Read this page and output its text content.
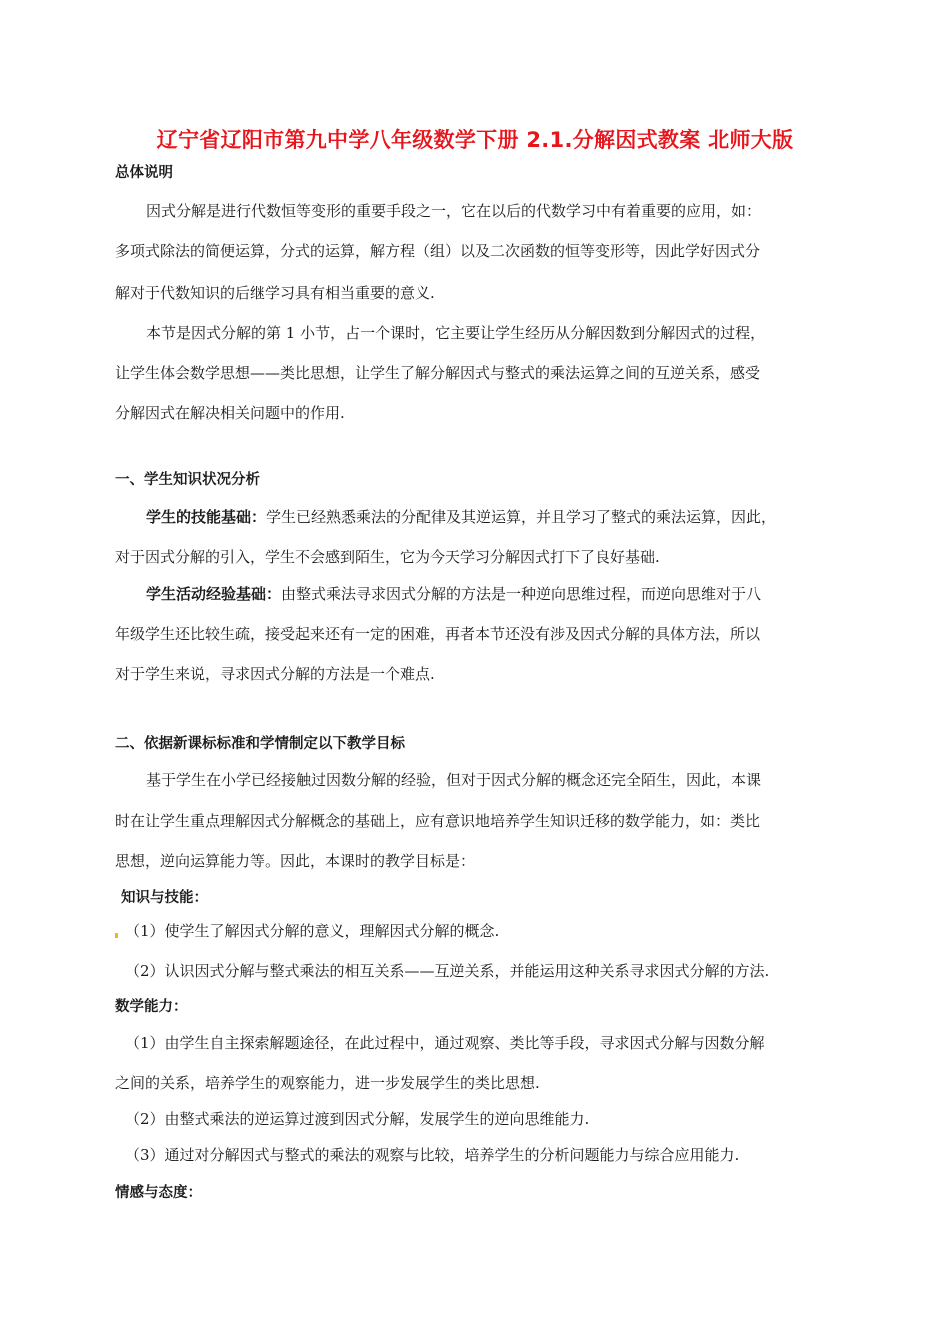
辽宁省辽阳市第九中学八年级数学下册 2.1.分解因式教案 北师大版
总体说明
因式分解是进行代数恒等变形的重要手段之一，它在以后的代数学习中有着重要的应用，如：
多项式除法的简便运算，分式的运算，解方程（组）以及二次函数的恒等变形等，因此学好因式分
解对于代数知识的后继学习具有相当重要的意义.
本节是因式分解的第 1 小节，占一个课时，它主要让学生经历从分解因数到分解因式的过程，
让学生体会数学思想——类比思想，让学生了解分解因式与整式的乘法运算之间的互逆关系，感受
分解因式在解决相关问题中的作用.
一、学生知识状况分析
学生的技能基础：学生已经熟悉乘法的分配律及其逆运算，并且学习了整式的乘法运算，因此，
对于因式分解的引入，学生不会感到陌生，它为今天学习分解因式打下了良好基础.
学生活动经验基础：由整式乘法寻求因式分解的方法是一种逆向思维过程，而逆向思维对于八
年级学生还比较生疏，接受起来还有一定的困难，再者本节还没有涉及因式分解的具体方法，所以
对于学生来说，寻求因式分解的方法是一个难点.
二、依据新课标标准和学情制定以下教学目标
基于学生在小学已经接触过因数分解的经验，但对于因式分解的概念还完全陌生，因此，本课
时在让学生重点理解因式分解概念的基础上，应有意识地培养学生知识迁移的数学能力，如：类比
思想，逆向运算能力等。因此，本课时的教学目标是：
知识与技能：
（1）使学生了解因式分解的意义，理解因式分解的概念.
（2）认识因式分解与整式乘法的相互关系——互逆关系，并能运用这种关系寻求因式分解的方法.
数学能力：
（1）由学生自主探索解题途径，在此过程中，通过观察、类比等手段，寻求因式分解与因数分解
之间的关系，培养学生的观察能力，进一步发展学生的类比思想.
（2）由整式乘法的逆运算过渡到因式分解，发展学生的逆向思维能力.
（3）通过对分解因式与整式的乘法的观察与比较，培养学生的分析问题能力与综合应用能力.
情感与态度：
